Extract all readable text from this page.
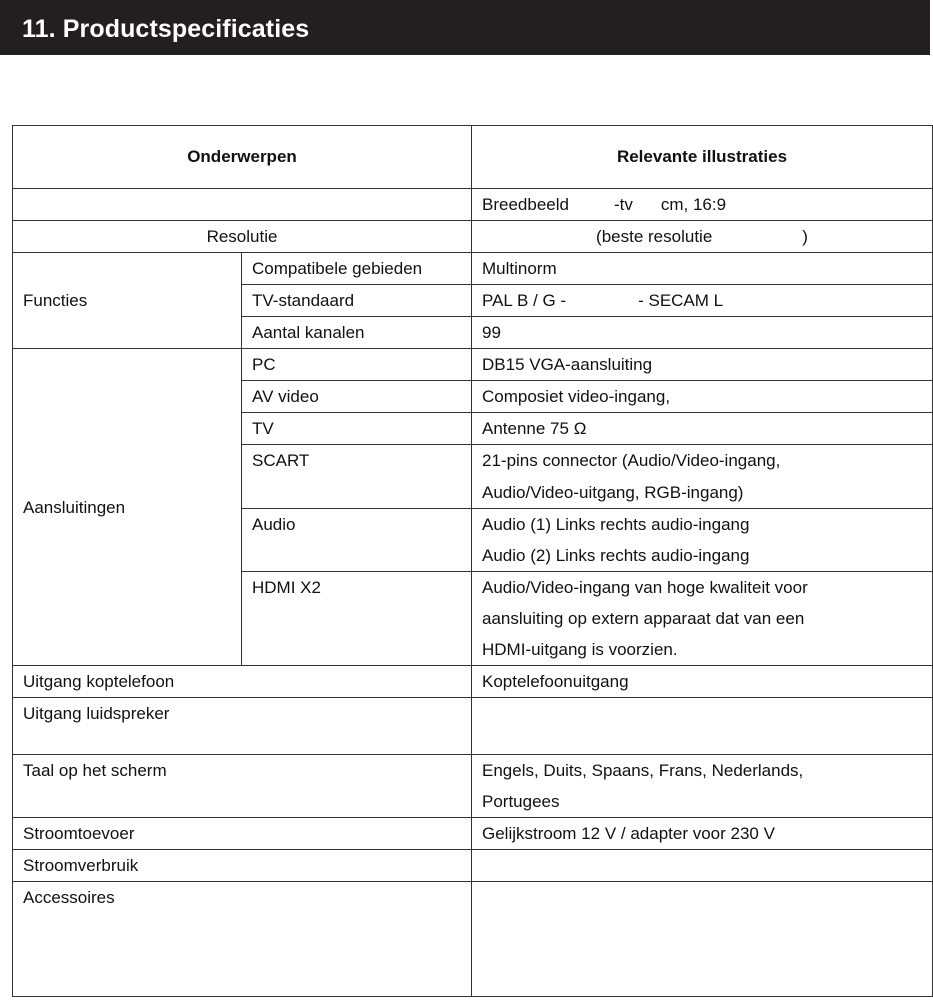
11. Productspecificaties
Onderwerpen		Relevante illustraties
		Breedbeeld -tv cm, 16:9
Resolutie		(beste resolutie )
Functies	Compatibele gebieden	Multinorm
	TV-standaard	PAL B / G - - SECAM L
	Aantal kanalen	99
Aansluitingen	PC	DB15 VGA-aansluiting
	AV video	Composiet video-ingang,
	TV	Antenne 75 Ω
	SCART	21-pins connector (Audio/Video-ingang,
		Audio/Video-uitgang, RGB-ingang)
	Audio	Audio (1) Links rechts audio-ingang
		Audio (2) Links rechts audio-ingang
	HDMI X2	Audio/Video-ingang van hoge kwaliteit voor
aansluiting op extern apparaat dat van een
HDMI-uitgang is voorzien.

Uitgang koptelefoon		Koptelefoonuitgang
Uitgang luidspreker		
Taal op het scherm		Engels, Duits, Spaans, Frans, Nederlands,
Portugees

Stroomtoevoer		Gelijkstroom 12 V / adapter voor 230 V
Stroomverbruik		
Accessoires		
